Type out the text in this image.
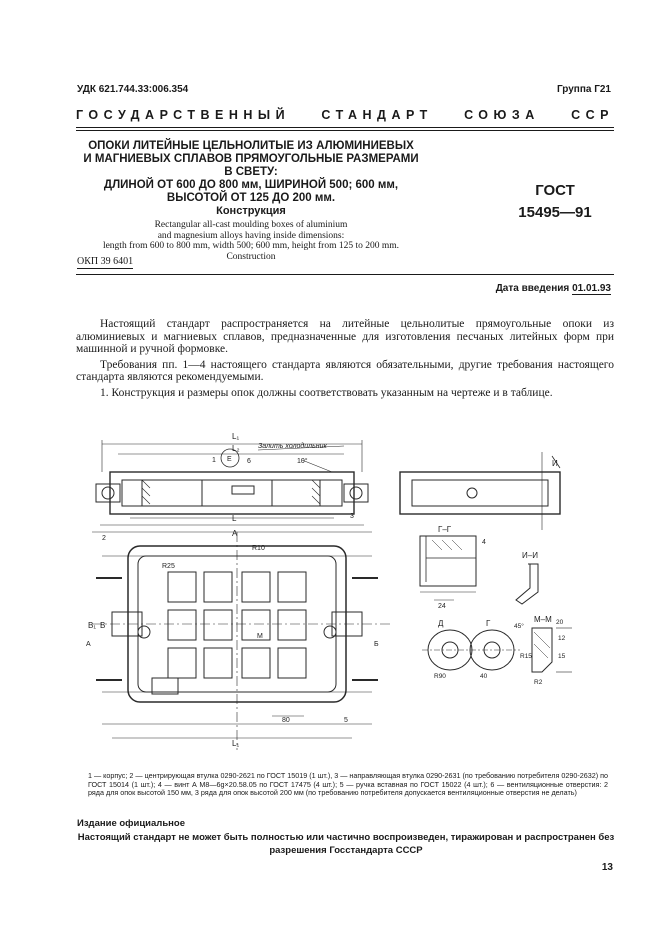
УДК 621.744.33:006.354	Группа Г21
ГОСУДАРСТВЕННЫЙ	СТАНДАРТ	СОЮЗА	ССР
ОПОКИ ЛИТЕЙНЫЕ ЦЕЛЬНОЛИТЫЕ ИЗ АЛЮМИНИЕВЫХ
И МАГНИЕВЫХ СПЛАВОВ ПРЯМОУГОЛЬНЫЕ РАЗМЕРАМИ
В СВЕТУ:
ДЛИНОЙ ОТ 600 ДО 800 мм, ШИРИНОЙ 500; 600 мм,
ВЫСОТОЙ ОТ 125 ДО 200 мм.
Конструкция
Rectangular all-cast moulding boxes of aluminium
and magnesium alloys having inside dimensions:
length from 600 to 800 mm, width 500; 600 mm, height from 125 to 200 mm.
Construction
ГОСТ
15495—91
ОКП 39 6401
Дата введения 01.01.93

Настоящий стандарт распространяется на литейные цельнолитые прямоугольные опоки из алюминиевых и магниевых сплавов, предназначенные для изготовления песчаных литейных форм при машинной и ручной формовке.

Требования пп. 1—4 настоящего стандарта являются обязательными, другие требования настоящего стандарта являются рекомендуемыми.

1. Конструкция и размеры опок должны соответствовать указанным на чертеже и в таблице.

L₁
L₂	Залить холодильник
10°
E
1	6	И
A
L	3
2
R25
R10
B₁ B
А	Б
М
80
L₁
5
Г–Г
4
24
И–И
Д	Г
40
R90
М–М 20
12
15
45°
R2
R15
1 — корпус; 2 — центрирующая втулка 0290-2621 по ГОСТ 15019 (1 шт.), 3 — направляющая втулка 0290-2631 (по требованию потребителя 0290-2632) по ГОСТ 15014 (1 шт.); 4 — винт А М8—6g×20.58.05 по ГОСТ 17475 (4 шт.); 5 — ручка вставная по ГОСТ 15022 (4 шт.); 6 — вентиляционные отверстия: 2 ряда для опок высотой 150 мм, 3 ряда для опок высотой 200 мм (по требованию потребителя допускается вентиляционные отверстия не делать)
Издание официальное
Настоящий стандарт не может быть полностью или частично воспроизведен, тиражирован и распространен без
разрешения Госстандарта СССР
13
